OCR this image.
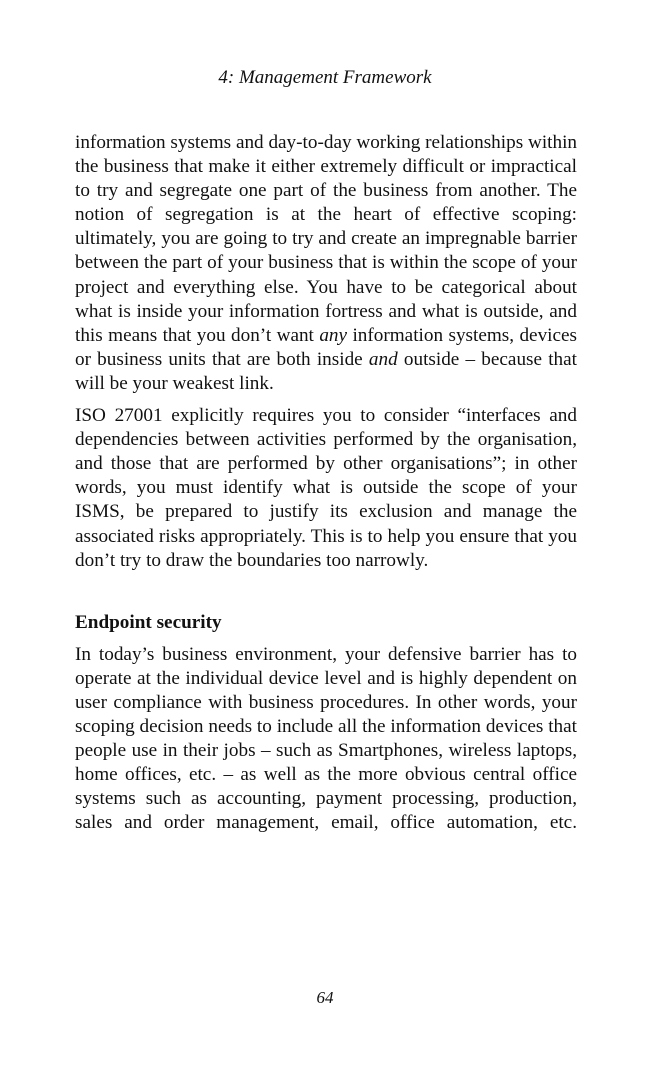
4: Management Framework

information systems and day-to-day working relationships within the business that make it either extremely difficult or impractical to try and segregate one part of the business from another. The notion of segregation is at the heart of effective scoping: ultimately, you are going to try and create an impregnable barrier between the part of your business that is within the scope of your project and everything else. You have to be categorical about what is inside your information fortress and what is outside, and this means that you don’t want any information systems, devices or business units that are both inside and outside – because that will be your weakest link.

ISO 27001 explicitly requires you to consider “interfaces and dependencies between activities performed by the organisation, and those that are performed by other organisations”; in other words, you must identify what is outside the scope of your ISMS, be prepared to justify its exclusion and manage the associated risks appropriately. This is to help you ensure that you don’t try to draw the boundaries too narrowly.

Endpoint security

In today’s business environment, your defensive barrier has to operate at the individual device level and is highly dependent on user compliance with business procedures. In other words, your scoping decision needs to include all the information devices that people use in their jobs – such as Smartphones, wireless laptops, home offices, etc. – as well as the more obvious central office systems such as accounting, payment processing, production, sales and order management, email, office automation, etc.

64
